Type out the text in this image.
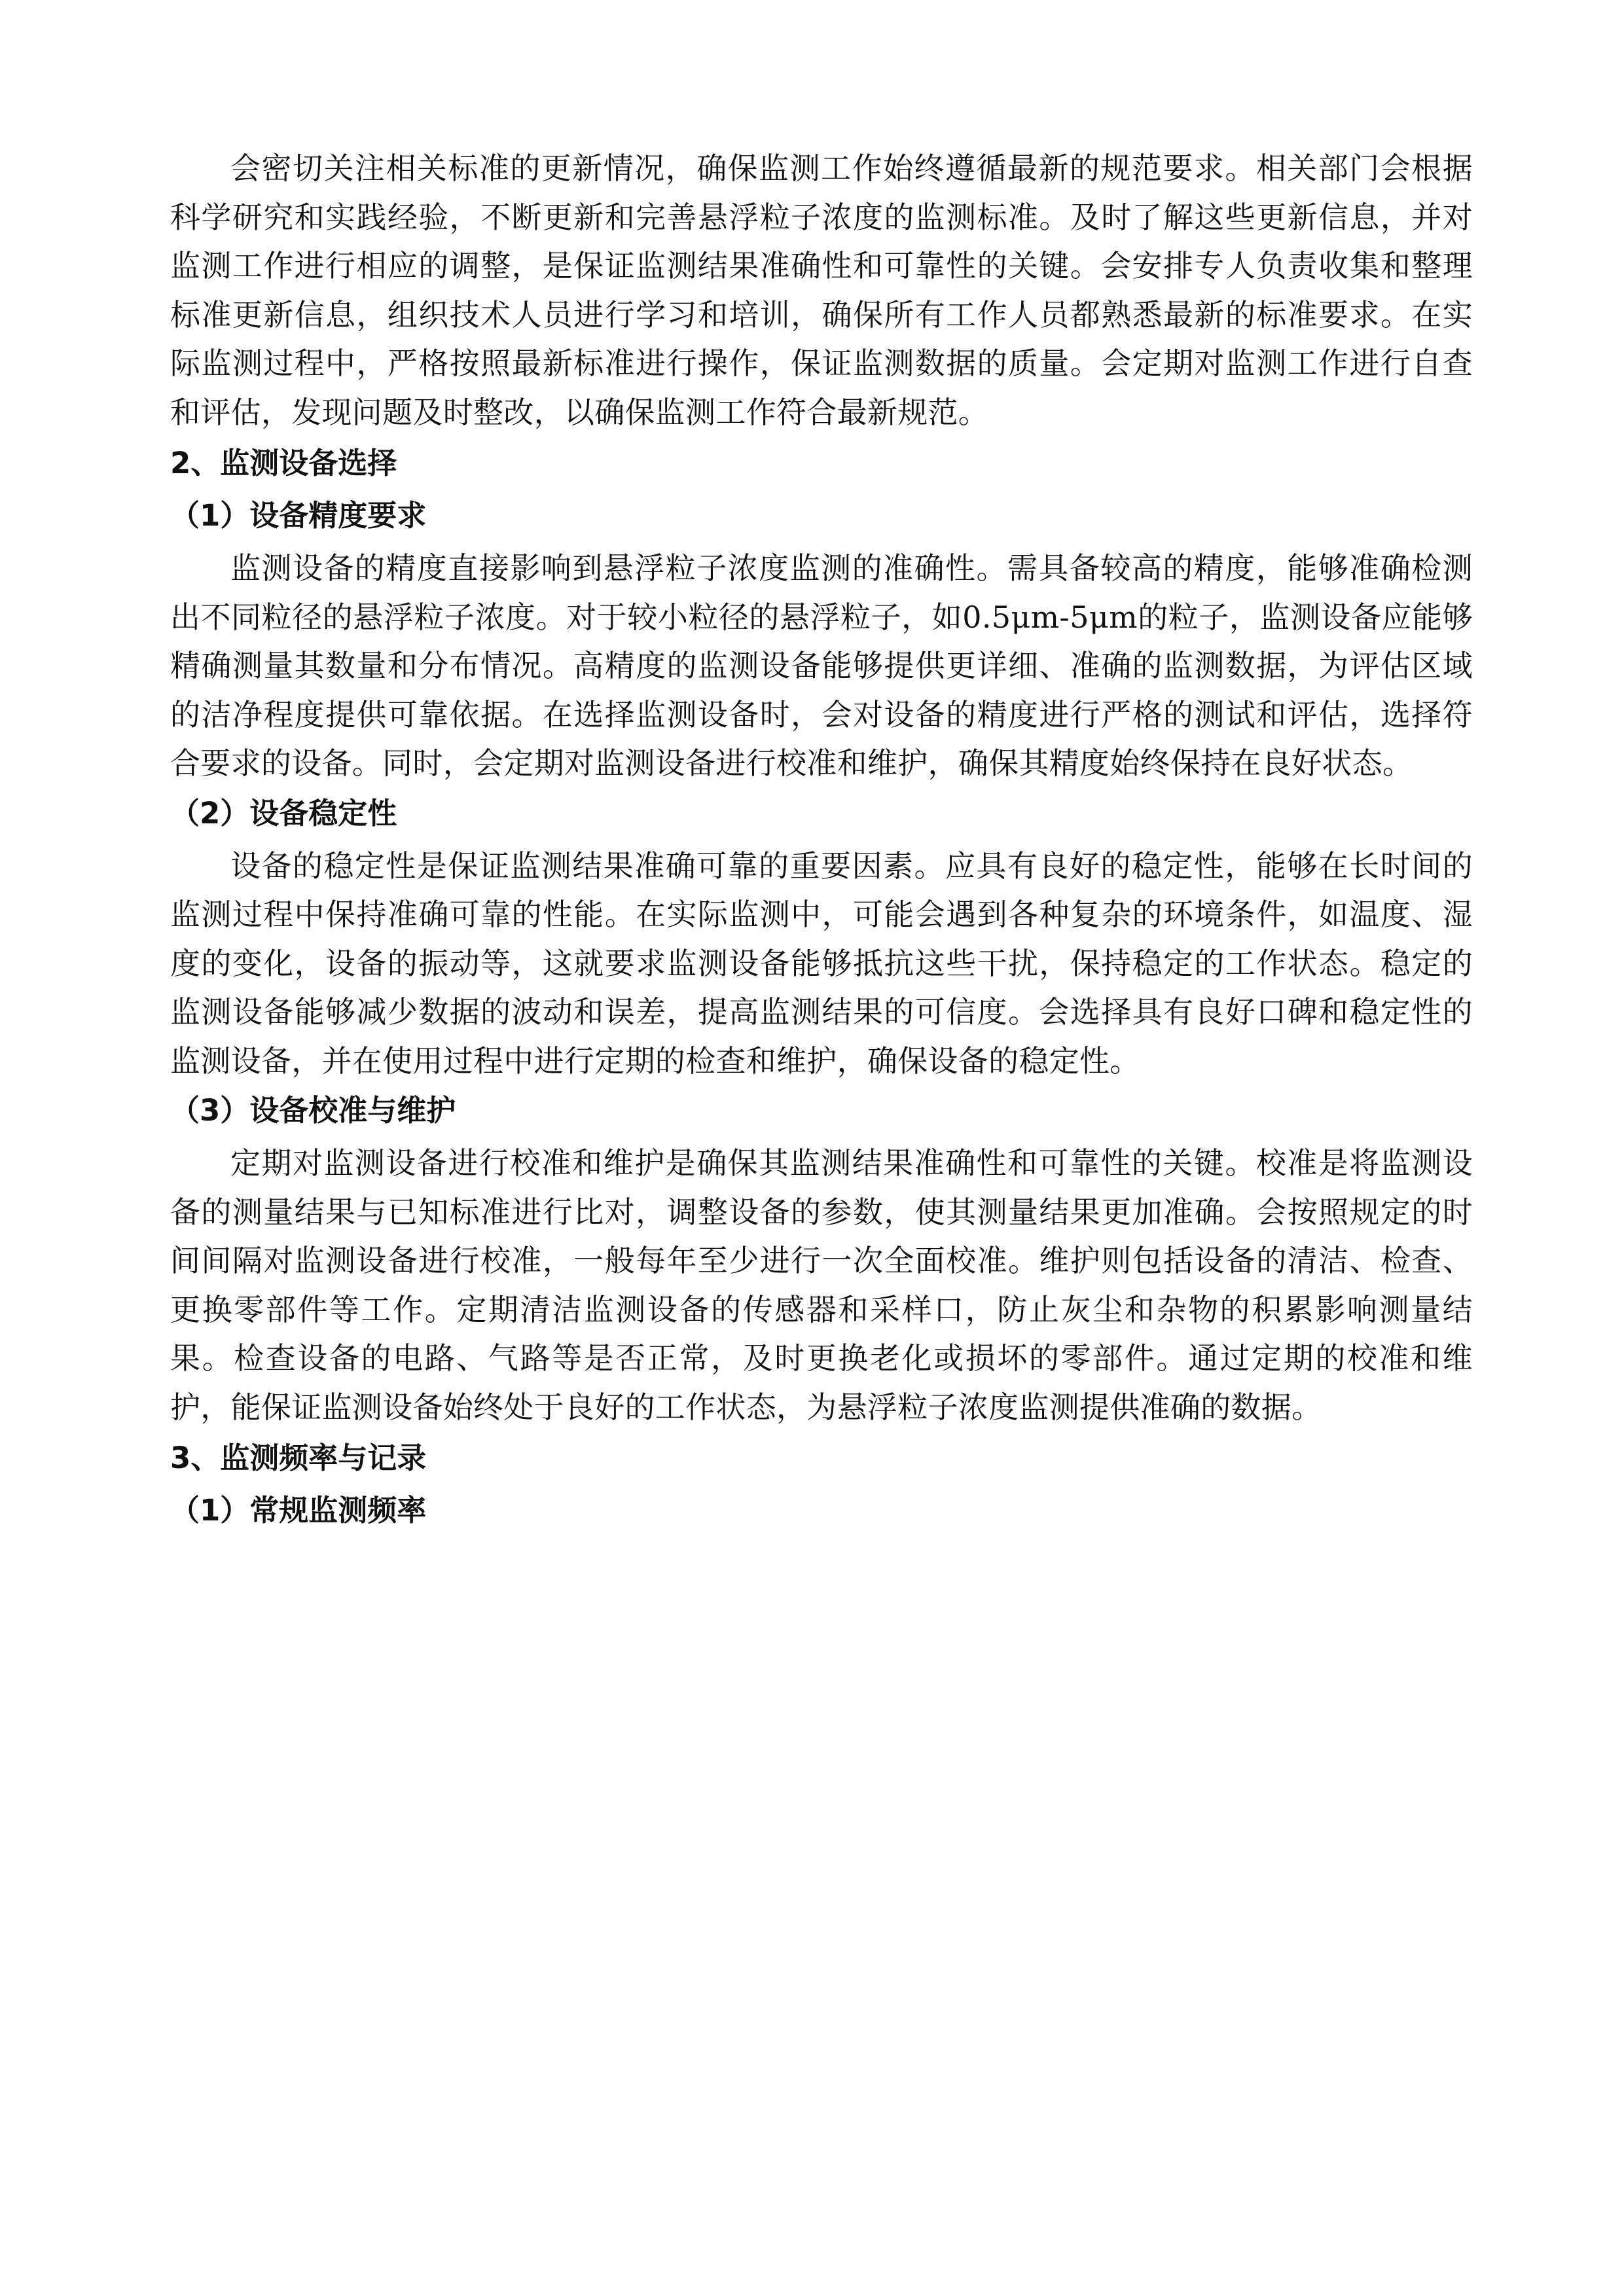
会密切关注相关标准的更新情况，确保监测工作始终遵循最新的规范要求。相关部门会根据科学研究和实践经验，不断更新和完善悬浮粒子浓度的监测标准。及时了解这些更新信息，并对监测工作进行相应的调整，是保证监测结果准确性和可靠性的关键。会安排专人负责收集和整理标准更新信息，组织技术人员进行学习和培训，确保所有工作人员都熟悉最新的标准要求。在实际监测过程中，严格按照最新标准进行操作，保证监测数据的质量。会定期对监测工作进行自查和评估，发现问题及时整改，以确保监测工作符合最新规范。

2、监测设备选择
（1）设备精度要求

监测设备的精度直接影响到悬浮粒子浓度监测的准确性。需具备较高的精度，能够准确检测出不同粒径的悬浮粒子浓度。对于较小粒径的悬浮粒子，如0.5μm-5μm的粒子，监测设备应能够精确测量其数量和分布情况。高精度的监测设备能够提供更详细、准确的监测数据，为评估区域的洁净程度提供可靠依据。在选择监测设备时，会对设备的精度进行严格的测试和评估，选择符合要求的设备。同时，会定期对监测设备进行校准和维护，确保其精度始终保持在良好状态。

（2）设备稳定性

设备的稳定性是保证监测结果准确可靠的重要因素。应具有良好的稳定性，能够在长时间的监测过程中保持准确可靠的性能。在实际监测中，可能会遇到各种复杂的环境条件，如温度、湿度的变化，设备的振动等，这就要求监测设备能够抵抗这些干扰，保持稳定的工作状态。稳定的监测设备能够减少数据的波动和误差，提高监测结果的可信度。会选择具有良好口碑和稳定性的监测设备，并在使用过程中进行定期的检查和维护，确保设备的稳定性。

（3）设备校准与维护

定期对监测设备进行校准和维护是确保其监测结果准确性和可靠性的关键。校准是将监测设备的测量结果与已知标准进行比对，调整设备的参数，使其测量结果更加准确。会按照规定的时间间隔对监测设备进行校准，一般每年至少进行一次全面校准。维护则包括设备的清洁、检查、更换零部件等工作。定期清洁监测设备的传感器和采样口，防止灰尘和杂物的积累影响测量结果。检查设备的电路、气路等是否正常，及时更换老化或损坏的零部件。通过定期的校准和维护，能保证监测设备始终处于良好的工作状态，为悬浮粒子浓度监测提供准确的数据。

3、监测频率与记录
（1）常规监测频率
